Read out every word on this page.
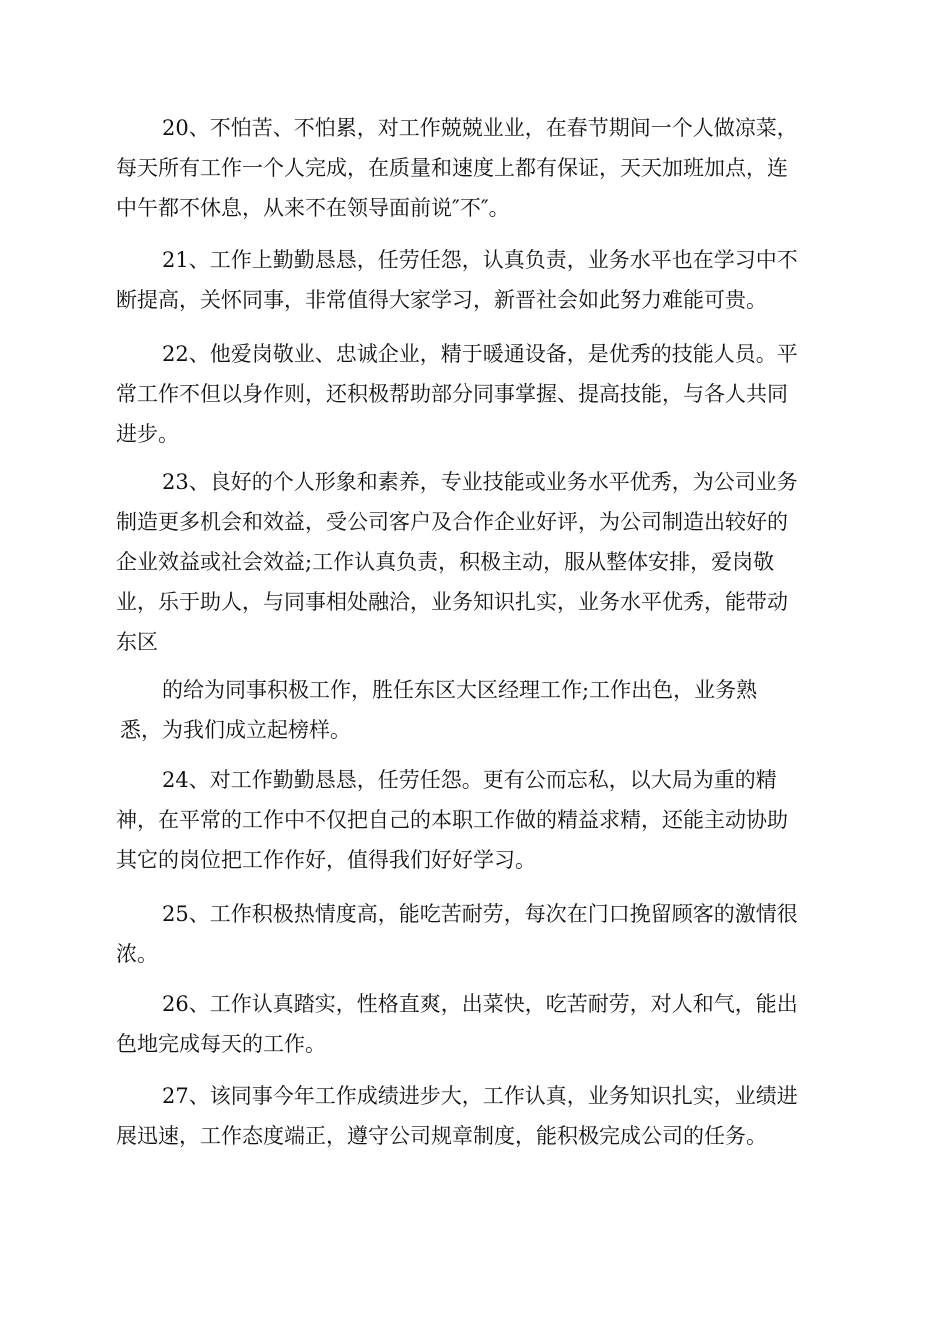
20、不怕苦、不怕累，对工作兢兢业业，在春节期间一个人做凉菜，
每天所有工作一个人完成，在质量和速度上都有保证，天天加班加点，连
中午都不休息，从来不在领导面前说″不″。
21、工作上勤勤恳恳，任劳任怨，认真负责，业务水平也在学习中不
断提高，关怀同事，非常值得大家学习，新晋社会如此努力难能可贵。
22、他爱岗敬业、忠诚企业，精于暖通设备，是优秀的技能人员。平
常工作不但以身作则，还积极帮助部分同事掌握、提高技能，与各人共同
进步。
23、良好的个人形象和素养，专业技能或业务水平优秀，为公司业务
制造更多机会和效益，受公司客户及合作企业好评，为公司制造出较好的
企业效益或社会效益;工作认真负责，积极主动，服从整体安排，爱岗敬
业，乐于助人，与同事相处融洽，业务知识扎实，业务水平优秀，能带动
东区
的给为同事积极工作，胜任东区大区经理工作;工作出色，业务熟
悉，为我们成立起榜样。
24、对工作勤勤恳恳，任劳任怨。更有公而忘私，以大局为重的精
神，在平常的工作中不仅把自己的本职工作做的精益求精，还能主动协助
其它的岗位把工作作好，值得我们好好学习。
25、工作积极热情度高，能吃苦耐劳，每次在门口挽留顾客的激情很
浓。
26、工作认真踏实，性格直爽，出菜快，吃苦耐劳，对人和气，能出
色地完成每天的工作。
27、该同事今年工作成绩进步大，工作认真，业务知识扎实，业绩进
展迅速，工作态度端正，遵守公司规章制度，能积极完成公司的任务。
